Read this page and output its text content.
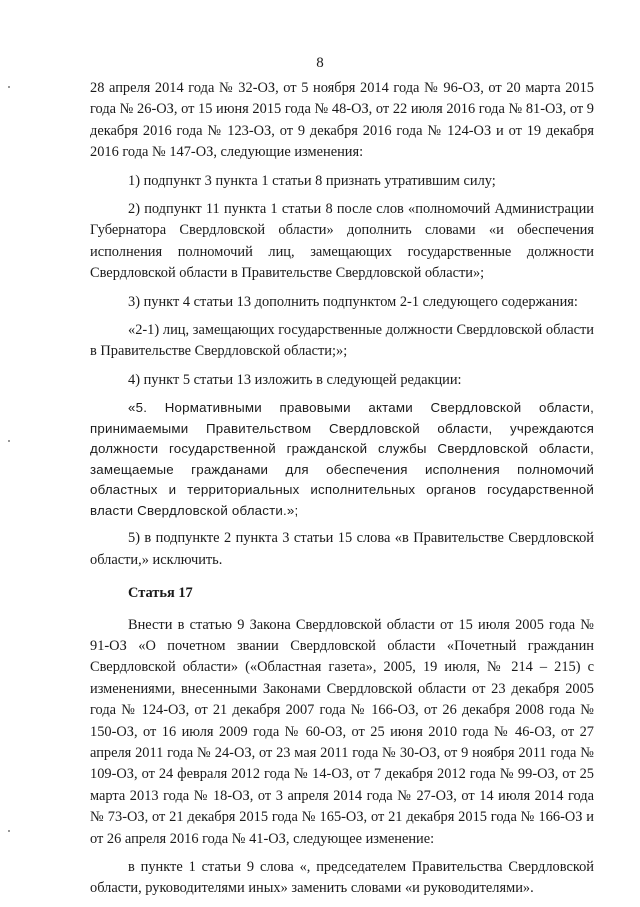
8

28 апреля 2014 года № 32-ОЗ, от 5 ноября 2014 года № 96-ОЗ, от 20 марта 2015 года № 26-ОЗ, от 15 июня 2015 года № 48-ОЗ, от 22 июля 2016 года № 81-ОЗ, от 9 декабря 2016 года № 123-ОЗ, от 9 декабря 2016 года № 124-ОЗ и от 19 декабря 2016 года № 147-ОЗ, следующие изменения:

1) подпункт 3 пункта 1 статьи 8 признать утратившим силу;

2) подпункт 11 пункта 1 статьи 8 после слов «полномочий Администрации Губернатора Свердловской области» дополнить словами «и обеспечения исполнения полномочий лиц, замещающих государственные должности Свердловской области в Правительстве Свердловской области»;

3) пункт 4 статьи 13 дополнить подпунктом 2-1 следующего содержания:

«2-1) лиц, замещающих государственные должности Свердловской области в Правительстве Свердловской области;»;

4) пункт 5 статьи 13 изложить в следующей редакции:

«5. Нормативными правовыми актами Свердловской области, принимаемыми Правительством Свердловской области, учреждаются должности государственной гражданской службы Свердловской области, замещаемые гражданами для обеспечения исполнения полномочий областных и территориальных исполнительных органов государственной власти Свердловской области.»;

5) в подпункте 2 пункта 3 статьи 15 слова «в Правительстве Свердловской области,» исключить.

Статья 17

Внести в статью 9 Закона Свердловской области от 15 июля 2005 года № 91-ОЗ «О почетном звании Свердловской области «Почетный гражданин Свердловской области» («Областная газета», 2005, 19 июля, № 214 – 215) с изменениями, внесенными Законами Свердловской области от 23 декабря 2005 года № 124-ОЗ, от 21 декабря 2007 года № 166-ОЗ, от 26 декабря 2008 года № 150-ОЗ, от 16 июля 2009 года № 60-ОЗ, от 25 июня 2010 года № 46-ОЗ, от 27 апреля 2011 года № 24-ОЗ, от 23 мая 2011 года № 30-ОЗ, от 9 ноября 2011 года № 109-ОЗ, от 24 февраля 2012 года № 14-ОЗ, от 7 декабря 2012 года № 99-ОЗ, от 25 марта 2013 года № 18-ОЗ, от 3 апреля 2014 года № 27-ОЗ, от 14 июля 2014 года № 73-ОЗ, от 21 декабря 2015 года № 165-ОЗ, от 21 декабря 2015 года № 166-ОЗ и от 26 апреля 2016 года № 41-ОЗ, следующее изменение:

в пункте 1 статьи 9 слова «, председателем Правительства Свердловской области, руководителями иных» заменить словами «и руководителями».
